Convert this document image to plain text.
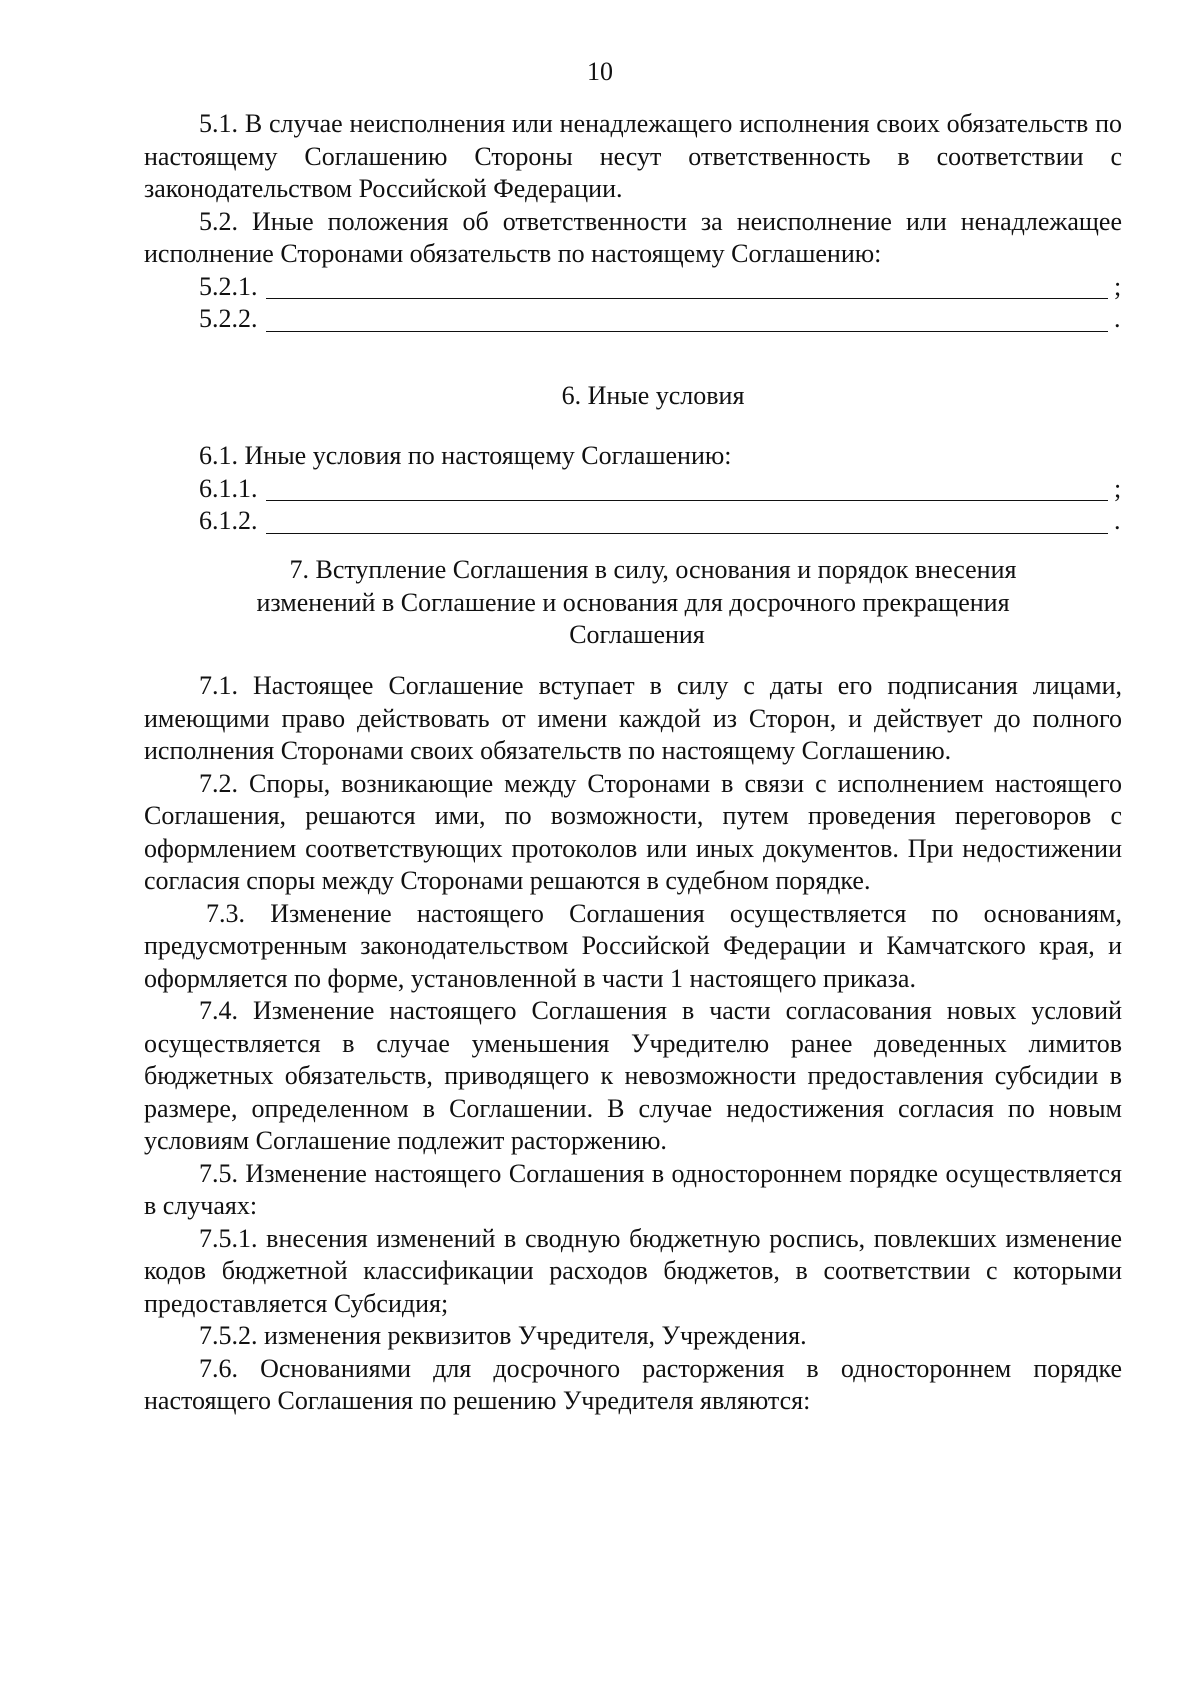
10

5.1. В случае неисполнения или ненадлежащего исполнения своих обязательств по настоящему Соглашению Стороны несут ответственность в соответствии с законодательством Российской Федерации.

5.2. Иные положения об ответственности за неисполнение или ненадлежащее исполнение Сторонами обязательств по настоящему Соглашению:

5.2.1.	;
5.2.2.	.

6. Иные условия

6.1. Иные условия по настоящему Соглашению:

6.1.1.	;
6.1.2.	.

7. Вступление Соглашения в силу, основания и порядок внесения

изменений в Соглашение и основания для досрочного прекращения

Соглашения

7.1. Настоящее Соглашение вступает в силу с даты его подписания лицами, имеющими право действовать от имени каждой из Сторон, и действует до полного исполнения Сторонами своих обязательств по настоящему Соглашению.

7.2. Споры, возникающие между Сторонами в связи с исполнением настоящего Соглашения, решаются ими, по возможности, путем проведения переговоров с оформлением соответствующих протоколов или иных документов. При недостижении согласия споры между Сторонами решаются в судебном порядке.

7.3. Изменение настоящего Соглашения осуществляется по основаниям, предусмотренным законодательством Российской Федерации и Камчатского края, и оформляется по форме, установленной в части 1 настоящего приказа.

7.4. Изменение настоящего Соглашения в части согласования новых условий осуществляется в случае уменьшения Учредителю ранее доведенных лимитов бюджетных обязательств, приводящего к невозможности предоставления субсидии в размере, определенном в Соглашении. В случае недостижения согласия по новым условиям Соглашение подлежит расторжению.

7.5. Изменение настоящего Соглашения в одностороннем порядке осуществляется в случаях:

7.5.1. внесения изменений в сводную бюджетную роспись, повлекших изменение кодов бюджетной классификации расходов бюджетов, в соответствии с которыми предоставляется Субсидия;

7.5.2. изменения реквизитов Учредителя, Учреждения.

7.6. Основаниями для досрочного расторжения в одностороннем порядке настоящего Соглашения по решению Учредителя являются:
